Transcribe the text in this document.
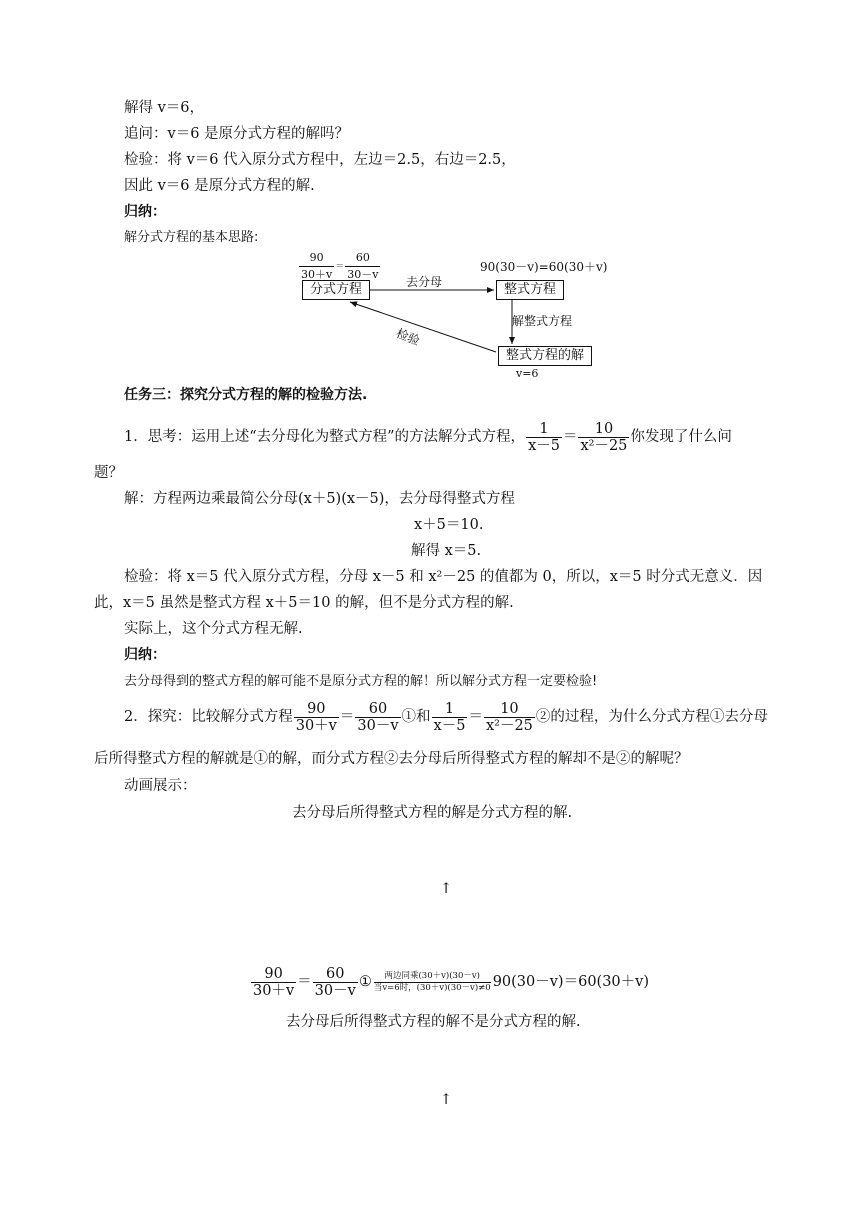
解得 v＝6，
追问：v＝6 是原分式方程的解吗？
检验：将 v＝6 代入原分式方程中，左边＝2.5，右边＝2.5，
因此 v＝6 是原分式方程的解.
归纳：
解分式方程的基本思路:
$\frac{90}{30+v} = \frac{60}{30-v}$	90(30－v)=60(30＋v)
分式方程	整式方程
整式方程的解
去分母
解整式方程
检验
v=6
任务三：探究分式方程的解的检验方法.
1．思考：运用上述“去分母化为整式方程”的方法解分式方程， $\frac{1}{x-5} = \frac{10}{\text{x²－25}}$ 你发现了什么问
题？
解：方程两边乘最简公分母(x＋5)(x－5)，去分母得整式方程
x＋5＝10.
解得 x＝5.
检验：将 x＝5 代入原分式方程，分母 x－5 和 x²－25 的值都为 0，所以，x＝5 时分式无意义．因
此，x＝5 虽然是整式方程 x＋5＝10 的解，但不是分式方程的解.
实际上，这个分式方程无解.
归纳：
去分母得到的整式方程的解可能不是原分式方程的解！所以解分式方程一定要检验!
2．探究：比较解分式方程 $\frac{90}{30+v} = \frac{60}{30-v}$ ①和 $\frac{1}{x-5} = \frac{10}{\text{x²－25}}$ ②的过程，为什么分式方程①去分母
后所得整式方程的解就是①的解，而分式方程②去分母后所得整式方程的解却不是②的解呢？
动画展示：
去分母后所得整式方程的解是分式方程的解.
↑
$\frac{90}{30+v} = \frac{60}{30-v}$ ①	两边同乘(30＋v)(30－v)
当v=6时，(30＋v)(30－v)≠0 90(30－v)＝60(30＋v)
去分母后所得整式方程的解不是分式方程的解.
↑
